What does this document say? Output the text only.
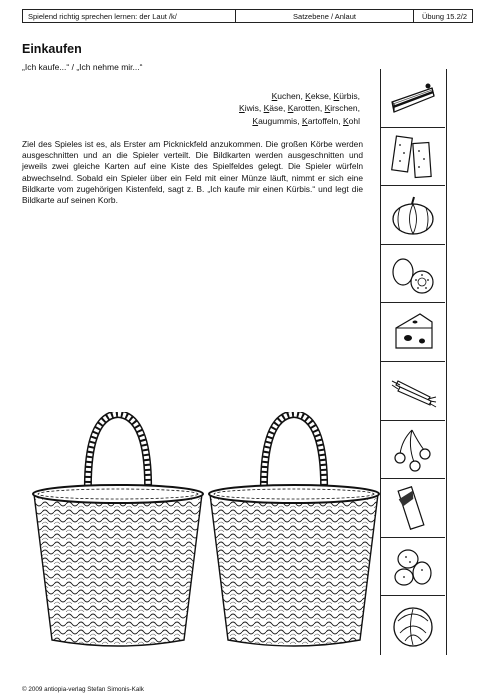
Spielend richtig sprechen lernen: der Laut /k/	Satzebene / Anlaut	Übung 15.2/2
Einkaufen
„Ich kaufe...“ / „Ich nehme mir...“
Kuchen, Kekse, Kürbis,
Kiwis, Käse, Karotten, Kirschen,
Kaugummis, Kartoffeln, Kohl

Ziel des Spieles ist es, als Erster am Picknickfeld anzukommen. Die großen Körbe werden ausgeschnitten und an die Spieler verteilt. Die Bildkarten werden ausgeschnitten und jeweils zwei gleiche Karten auf eine Kiste des Spielfeldes gelegt. Die Spieler würfeln abwechselnd. Sobald ein Spieler über ein Feld mit einer Münze läuft, nimmt er sich eine Bildkarte vom zugehörigen Kistenfeld, sagt z. B. „Ich kaufe mir einen Kürbis.“ und legt die Bildkarte auf seinen Korb.

© 2009 antiopia-verlag Stefan Simonis-Kalk
